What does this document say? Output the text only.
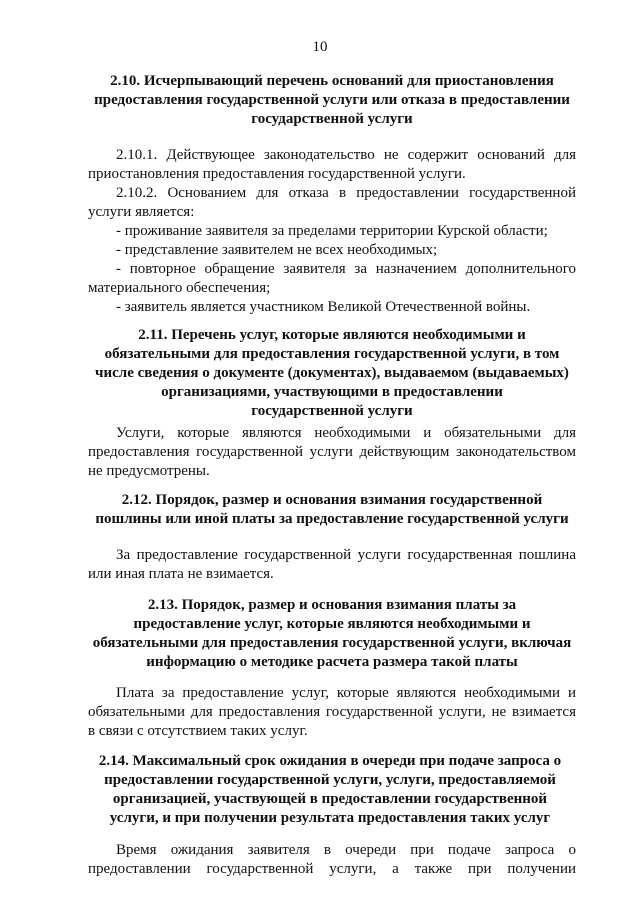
10
2.10. Исчерпывающий перечень оснований для приостановления
предоставления государственной услуги или отказа в предоставлении
государственной услуги
2.10.1. Действующее законодательство не содержит оснований для
приостановления предоставления государственной услуги.
2.10.2. Основанием для отказа в предоставлении государственной
услуги является:
- проживание заявителя за пределами территории Курской области;
- представление заявителем не всех необходимых;
- повторное обращение заявителя за назначением дополнительного
материального обеспечения;
- заявитель является участником Великой Отечественной войны.
2.11. Перечень услуг, которые являются необходимыми и
обязательными для предоставления государственной услуги, в том
числе сведения о документе (документах), выдаваемом (выдаваемых)
организациями, участвующими в предоставлении
государственной услуги
Услуги, которые являются необходимыми и обязательными для
предоставления государственной услуги действующим законодательством
не предусмотрены.
2.12. Порядок, размер и основания взимания государственной
пошлины или иной платы за предоставление государственной услуги
За предоставление государственной услуги государственная пошлина
или иная плата не взимается.
2.13. Порядок, размер и основания взимания платы за
предоставление услуг, которые являются необходимыми и
обязательными для предоставления государственной услуги, включая
информацию о методике расчета размера такой платы
Плата за предоставление услуг, которые являются необходимыми и
обязательными для предоставления государственной услуги, не взимается
в связи с отсутствием таких услуг.
2.14. Максимальный срок ожидания в очереди при подаче запроса о
предоставлении государственной услуги, услуги, предоставляемой
организацией, участвующей в предоставлении государственной
услуги, и при получении результата предоставления таких услуг
Время ожидания заявителя в очереди при подаче запроса о
предоставлении государственной услуги, а также при получении
